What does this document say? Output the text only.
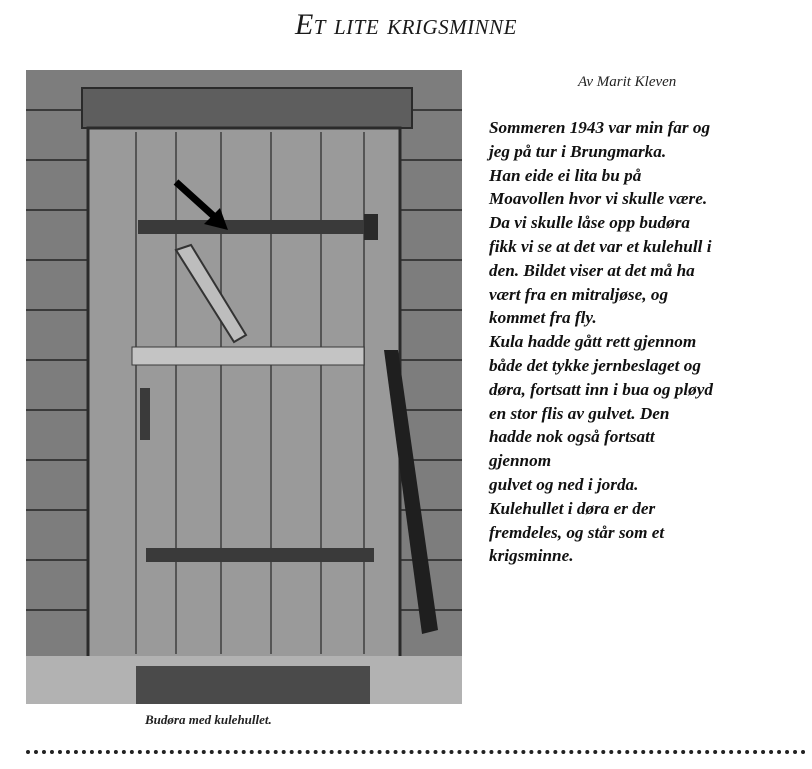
Et lite krigsminne
Av Marit Kleven
Sommeren 1943 var min far og
jeg på tur i Brungmarka.
Han eide ei lita bu på
Moavollen hvor vi skulle være.
Da vi skulle låse opp budøra
fikk vi se at det var et kulehull i
den. Bildet viser at det må ha
vært fra en mitraljøse, og
kommet fra fly.
Kula hadde gått rett gjennom
både det tykke jernbeslaget og
døra, fortsatt inn i bua og pløyd
en stor flis av gulvet. Den
hadde nok også fortsatt
gjennom
gulvet og ned i jorda.
Kulehullet i døra er der
fremdeles, og står som et
krigsminne.
Budøra med kulehullet.
